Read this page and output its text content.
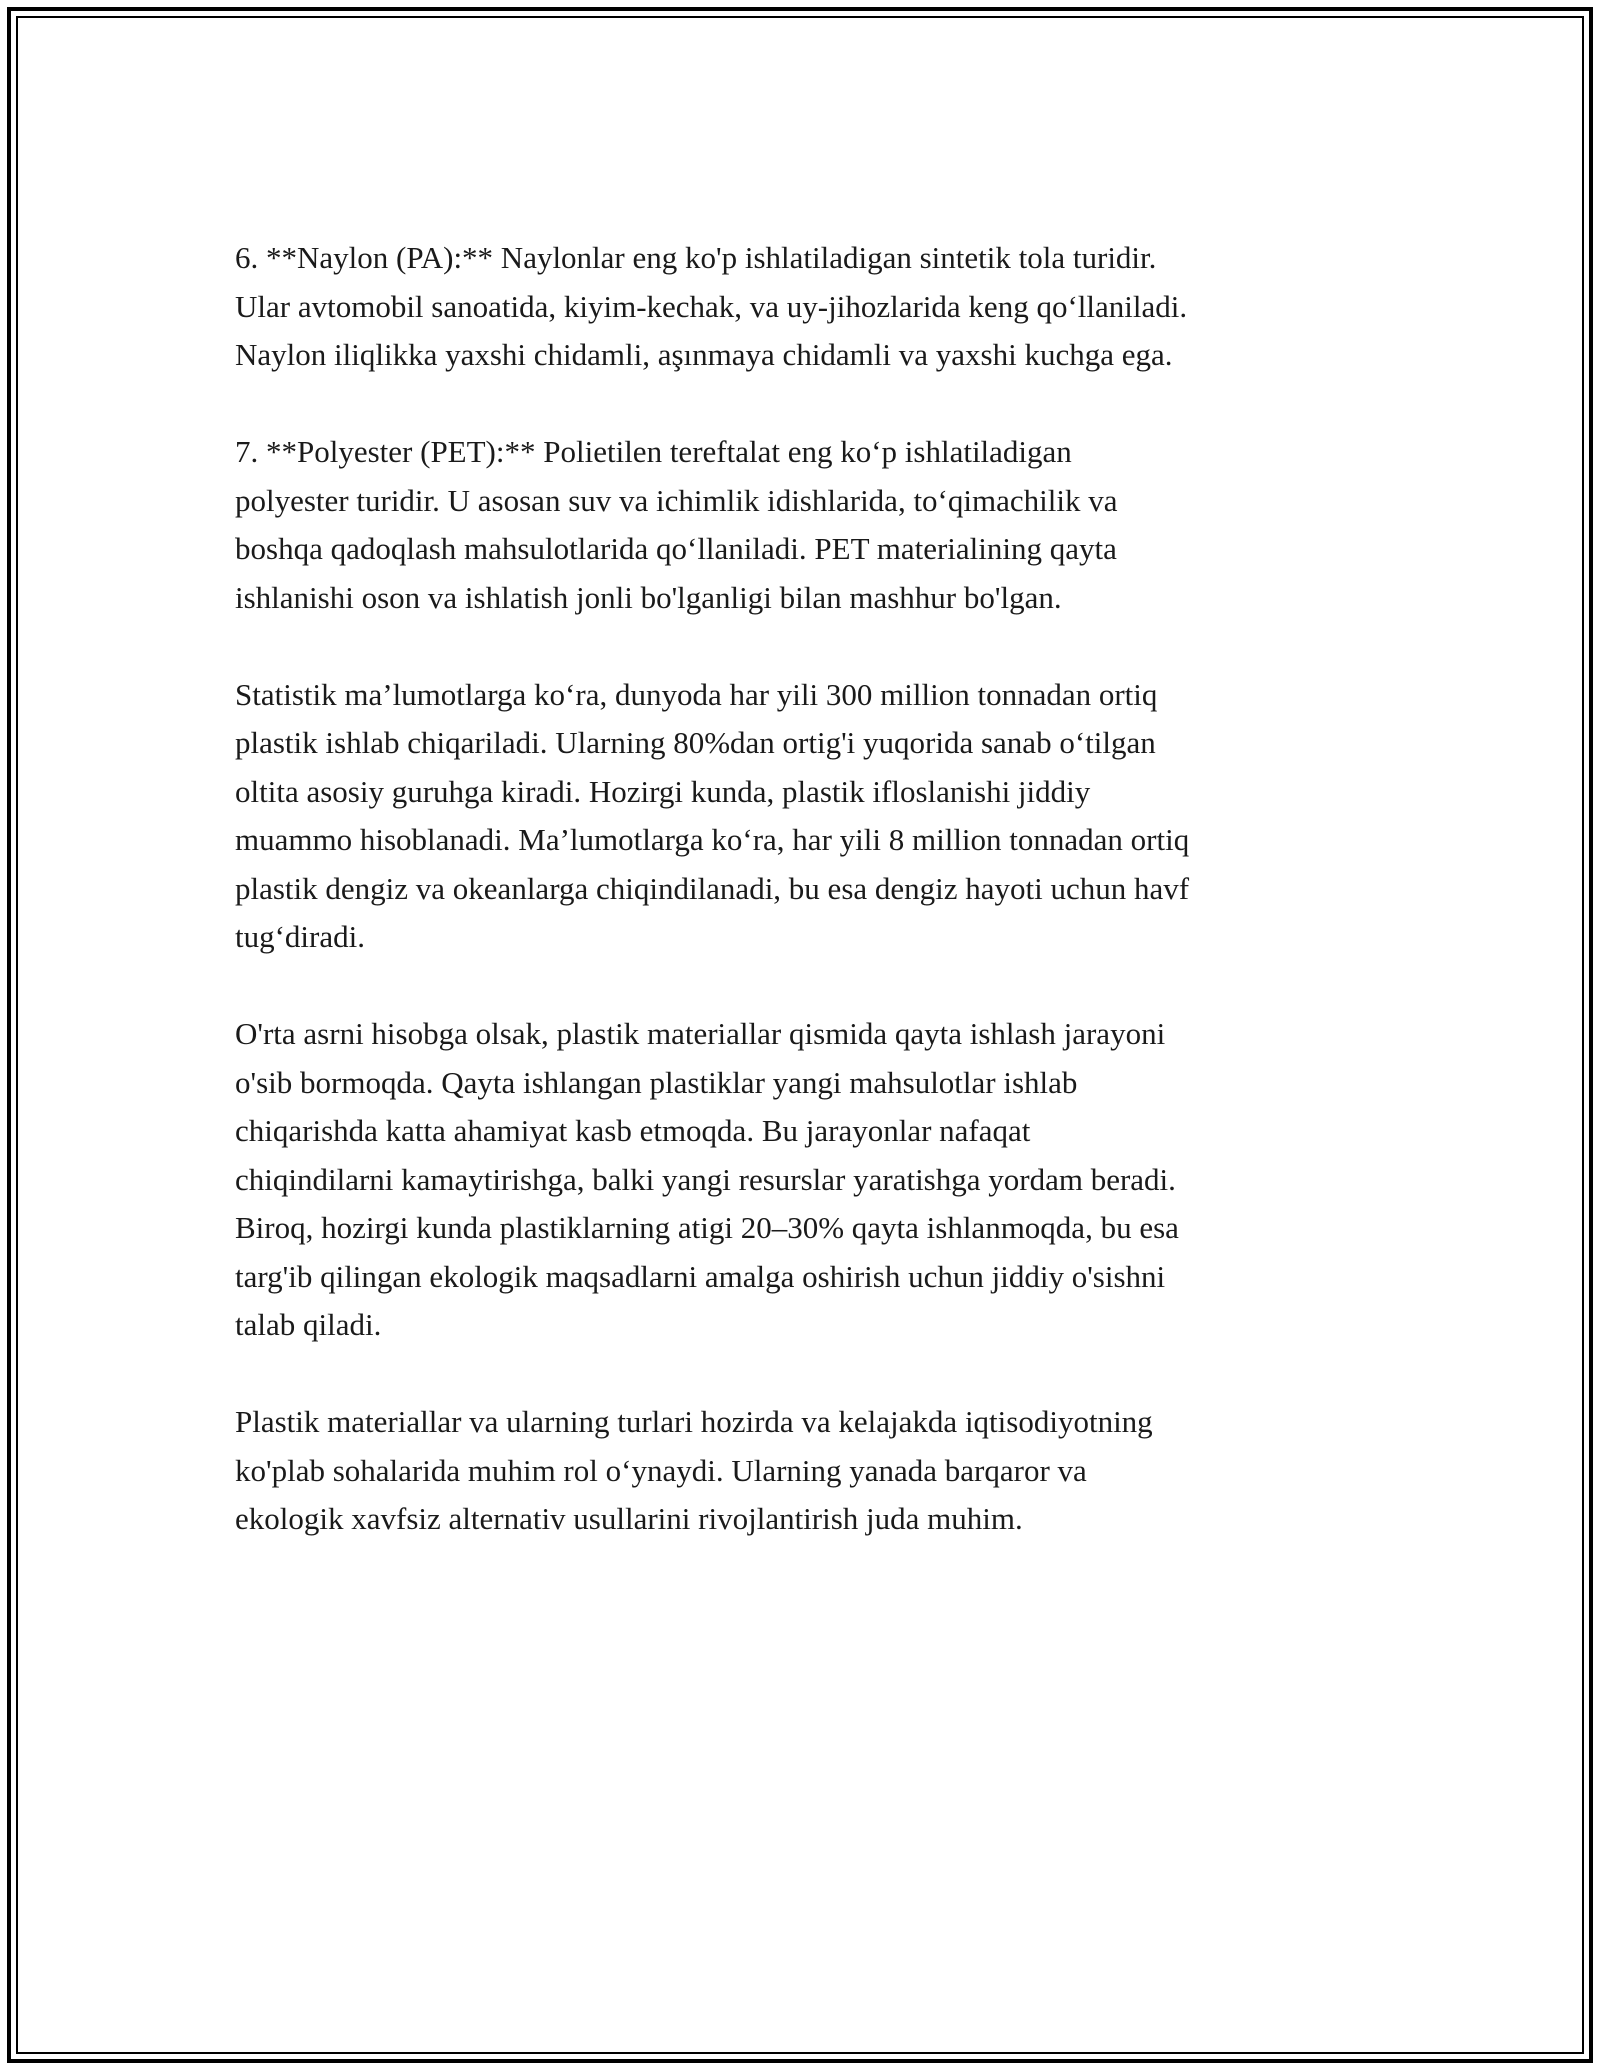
6. **Naylon (PA):** Naylonlar eng ko'p ishlatiladigan sintetik tola turidir.
Ular avtomobil sanoatida, kiyim-kechak, va uy-jihozlarida keng qo‘llaniladi.
Naylon iliqlikka yaxshi chidamli, aşınmaya chidamli va yaxshi kuchga ega.

7. **Polyester (PET):** Polietilen tereftalat eng ko‘p ishlatiladigan
polyester turidir. U asosan suv va ichimlik idishlarida, to‘qimachilik va
boshqa qadoqlash mahsulotlarida qo‘llaniladi. PET materialining qayta
ishlanishi oson va ishlatish jonli bo'lganligi bilan mashhur bo'lgan.

Statistik ma’lumotlarga ko‘ra, dunyoda har yili 300 million tonnadan ortiq
plastik ishlab chiqariladi. Ularning 80%dan ortig'i yuqorida sanab o‘tilgan
oltita asosiy guruhga kiradi. Hozirgi kunda, plastik ifloslanishi jiddiy
muammo hisoblanadi. Ma’lumotlarga ko‘ra, har yili 8 million tonnadan ortiq
plastik dengiz va okeanlarga chiqindilanadi, bu esa dengiz hayoti uchun havf
tug‘diradi.

O'rta asrni hisobga olsak, plastik materiallar qismida qayta ishlash jarayoni
o'sib bormoqda. Qayta ishlangan plastiklar yangi mahsulotlar ishlab
chiqarishda katta ahamiyat kasb etmoqda. Bu jarayonlar nafaqat
chiqindilarni kamaytirishga, balki yangi resurslar yaratishga yordam beradi.
Biroq, hozirgi kunda plastiklarning atigi 20–30% qayta ishlanmoqda, bu esa
targ'ib qilingan ekologik maqsadlarni amalga oshirish uchun jiddiy o'sishni
talab qiladi.

Plastik materiallar va ularning turlari hozirda va kelajakda iqtisodiyotning
ko'plab sohalarida muhim rol o‘ynaydi. Ularning yanada barqaror va
ekologik xavfsiz alternativ usullarini rivojlantirish juda muhim.
